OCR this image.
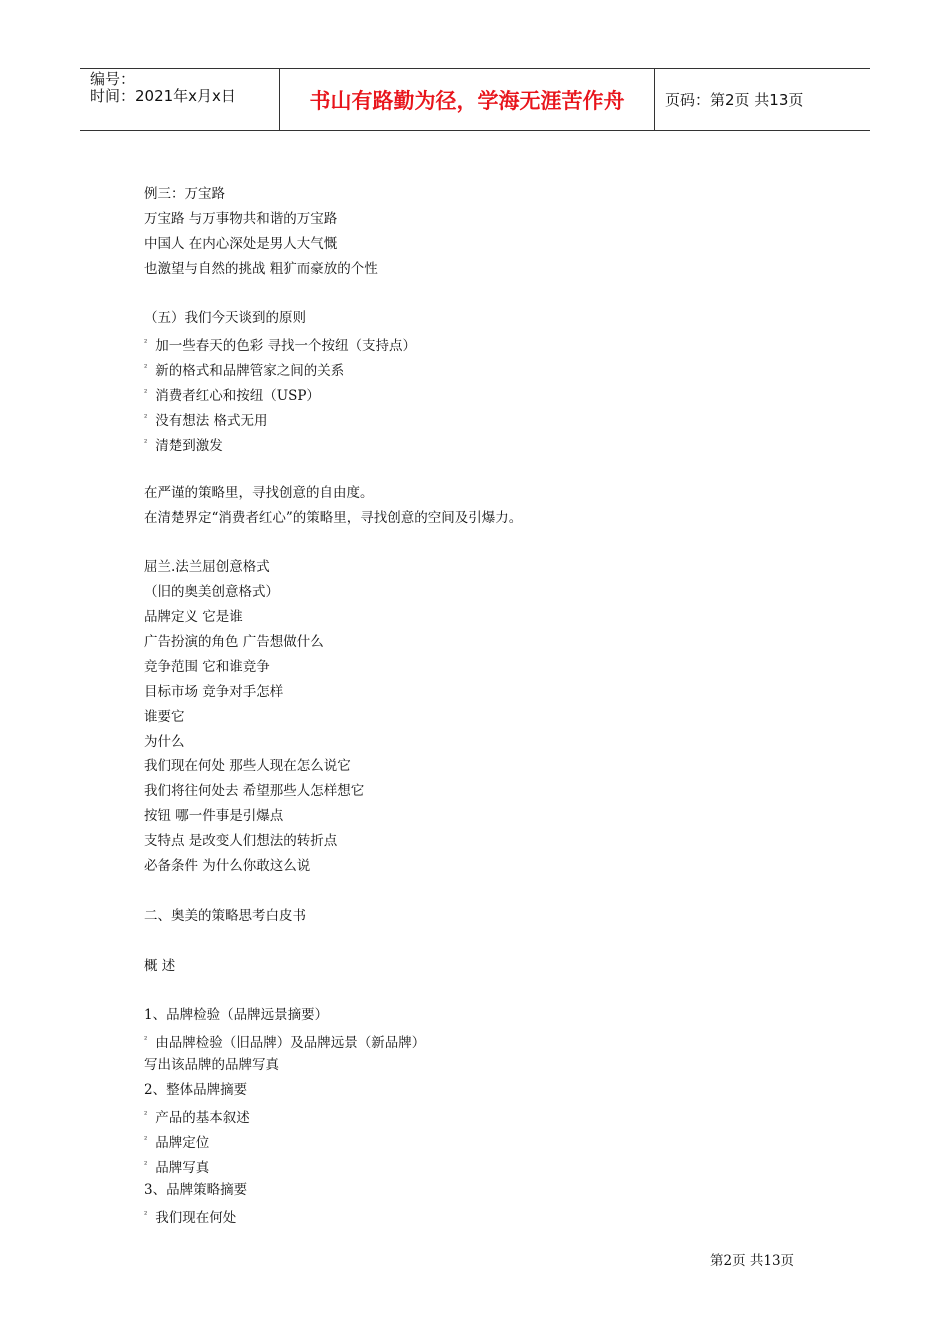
编号：
时间：2021年x月x日	书山有路勤为径，学海无涯苦作舟	页码：第2页 共13页
例三：万宝路
万宝路 与万事物共和谐的万宝路
中国人 在内心深处是男人大气慨
也激望与自然的挑战 粗犷而豪放的个性
（五）我们今天谈到的原则
$^{^2}$ 加一些春天的色彩 寻找一个按纽（支持点）
$^{^2}$ 新的格式和品牌管家之间的关系
$^{^2}$ 消费者红心和按纽（USP）
$^{^2}$ 没有想法 格式无用
$^{^2}$ 清楚到激发
在严谨的策略里，寻找创意的自由度。
在清楚界定“消费者红心”的策略里，寻找创意的空间及引爆力。
屈兰.法兰屈创意格式
（旧的奥美创意格式）
品牌定义 它是谁
广告扮演的角色 广告想做什么
竞争范围 它和谁竞争
目标市场 竞争对手怎样
谁要它
为什么
我们现在何处 那些人现在怎么说它
我们将往何处去 希望那些人怎样想它
按钮 哪一件事是引爆点
支特点 是改变人们想法的转折点
必备条件 为什么你敢这么说
二、奥美的策略思考白皮书
概 述
1、品牌检验（品牌远景摘要）
$^{^2}$ 由品牌检验（旧品牌）及品牌远景（新品牌）
写出该品牌的品牌写真
2、整体品牌摘要
$^{^2}$ 产品的基本叙述
$^{^2}$ 品牌定位
$^{^2}$ 品牌写真
3、品牌策略摘要
$^{^2}$ 我们现在何处
第2页 共13页
